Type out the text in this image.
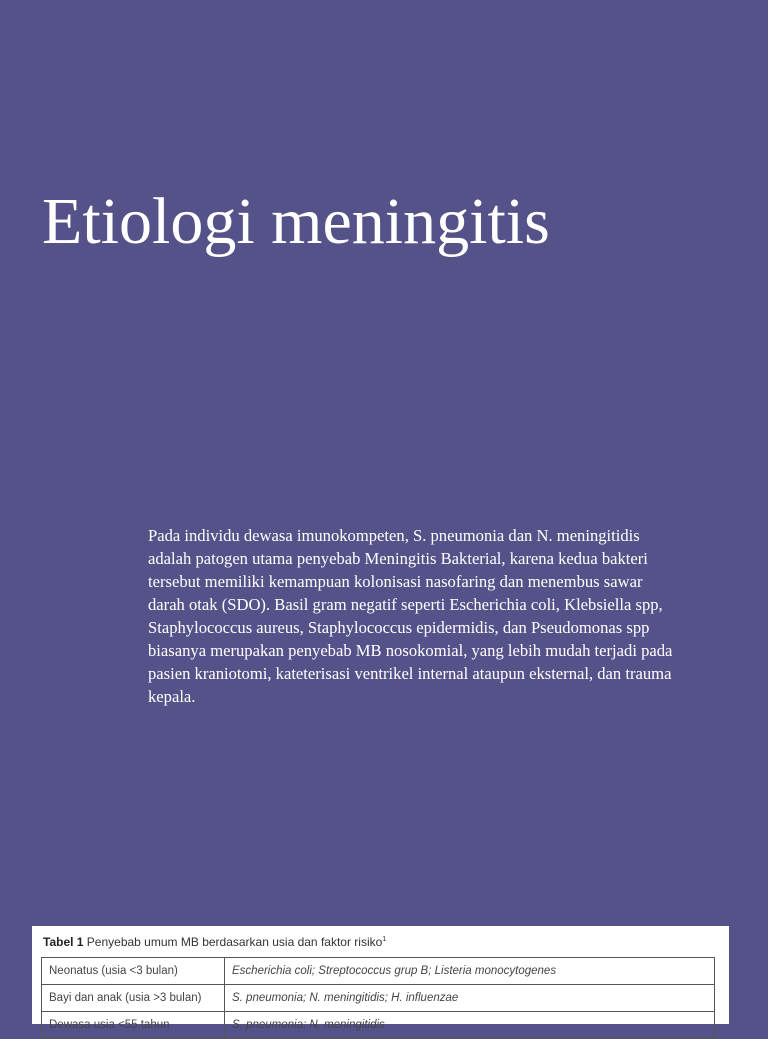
Etiologi meningitis

Pada individu dewasa imunokompeten, S. pneumonia dan N. meningitidis adalah patogen utama penyebab Meningitis Bakterial, karena kedua bakteri tersebut memiliki kemampuan kolonisasi nasofaring dan menembus sawar darah otak (SDO). Basil gram negatif seperti Escherichia coli, Klebsiella spp, Staphylococcus aureus, Staphylococcus epidermidis, dan Pseudomonas spp biasanya merupakan penyebab MB nosokomial, yang lebih mudah terjadi pada pasien kraniotomi, kateterisasi ventrikel internal ataupun eksternal, dan trauma kepala.

Tabel 1 Penyebab umum MB berdasarkan usia dan faktor risiko$^1$

Neonatus (usia <3 bulan)	Escherichia coli; Streptococcus grup B; Listeria monocytogenes
Bayi dan anak (usia >3 bulan)	S. pneumonia; N. meningitidis; H. influenzae
Dewasa usia <55 tahun	S. pneumonia; N. meningitidis
